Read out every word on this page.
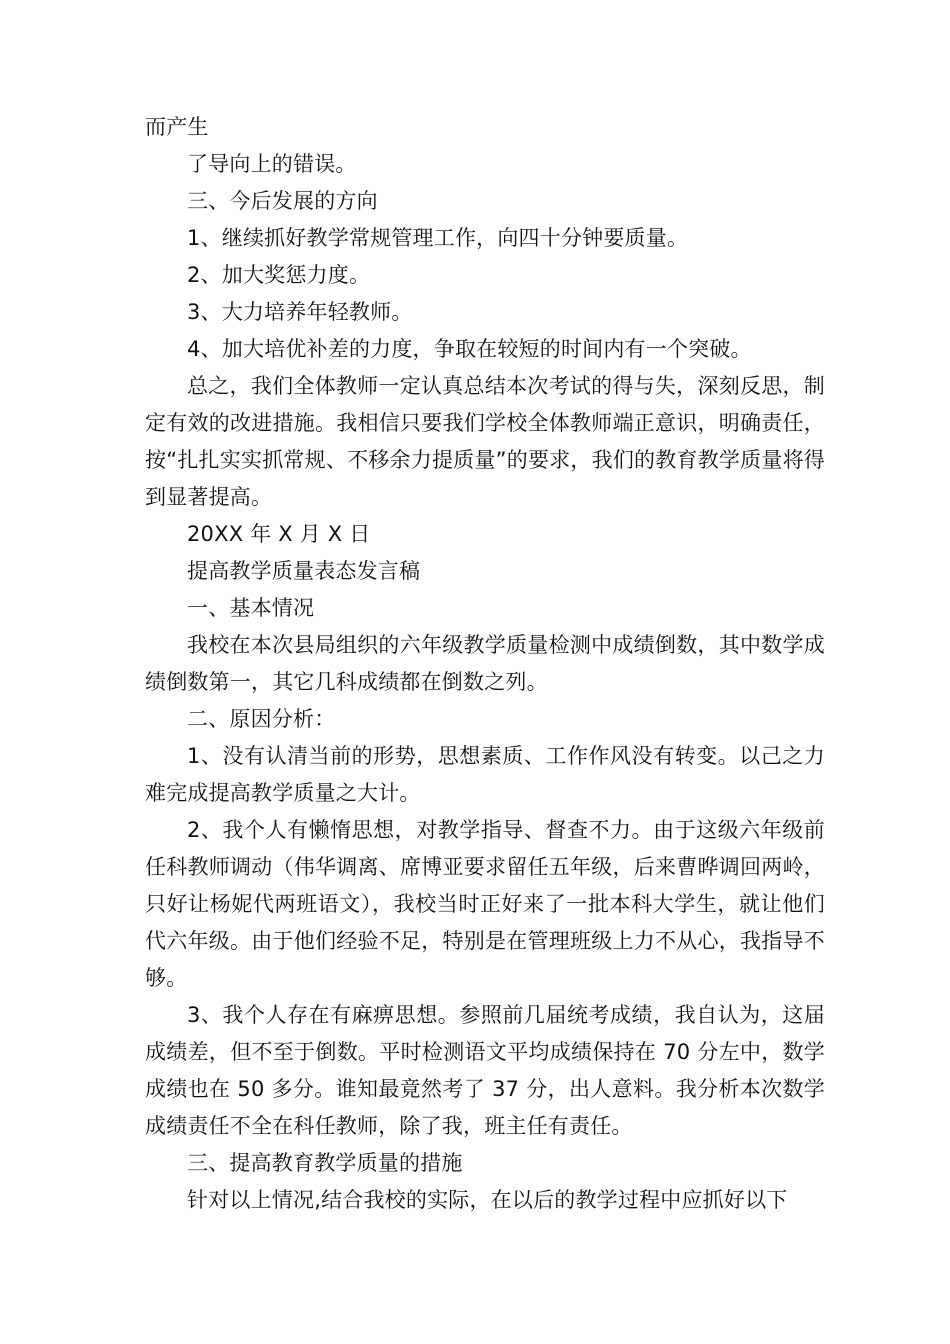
而产生

了导向上的错误。

三、今后发展的方向

1、继续抓好教学常规管理工作，向四十分钟要质量。

2、加大奖惩力度。

3、大力培养年轻教师。

4、加大培优补差的力度，争取在较短的时间内有一个突破。

总之，我们全体教师一定认真总结本次考试的得与失，深刻反思，制定有效的改进措施。我相信只要我们学校全体教师端正意识，明确责任，按“扎扎实实抓常规、不移余力提质量”的要求，我们的教育教学质量将得到显著提高。

20XX 年 X 月 X 日

提高教学质量表态发言稿

一、基本情况

我校在本次县局组织的六年级教学质量检测中成绩倒数，其中数学成绩倒数第一，其它几科成绩都在倒数之列。

二、原因分析：

1、没有认清当前的形势，思想素质、工作作风没有转变。以己之力难完成提高教学质量之大计。

2、我个人有懒惰思想，对教学指导、督查不力。由于这级六年级前任科教师调动（伟华调离、席博亚要求留任五年级，后来曹晔调回两岭，只好让杨妮代两班语文），我校当时正好来了一批本科大学生，就让他们代六年级。由于他们经验不足，特别是在管理班级上力不从心，我指导不够。

3、我个人存在有麻痹思想。参照前几届统考成绩，我自认为，这届成绩差，但不至于倒数。平时检测语文平均成绩保持在 70 分左中，数学成绩也在 50 多分。谁知最竟然考了 37 分，出人意料。我分析本次数学成绩责任不全在科任教师，除了我，班主任有责任。

三、提高教育教学质量的措施

针对以上情况,结合我校的实际，在以后的教学过程中应抓好以下
